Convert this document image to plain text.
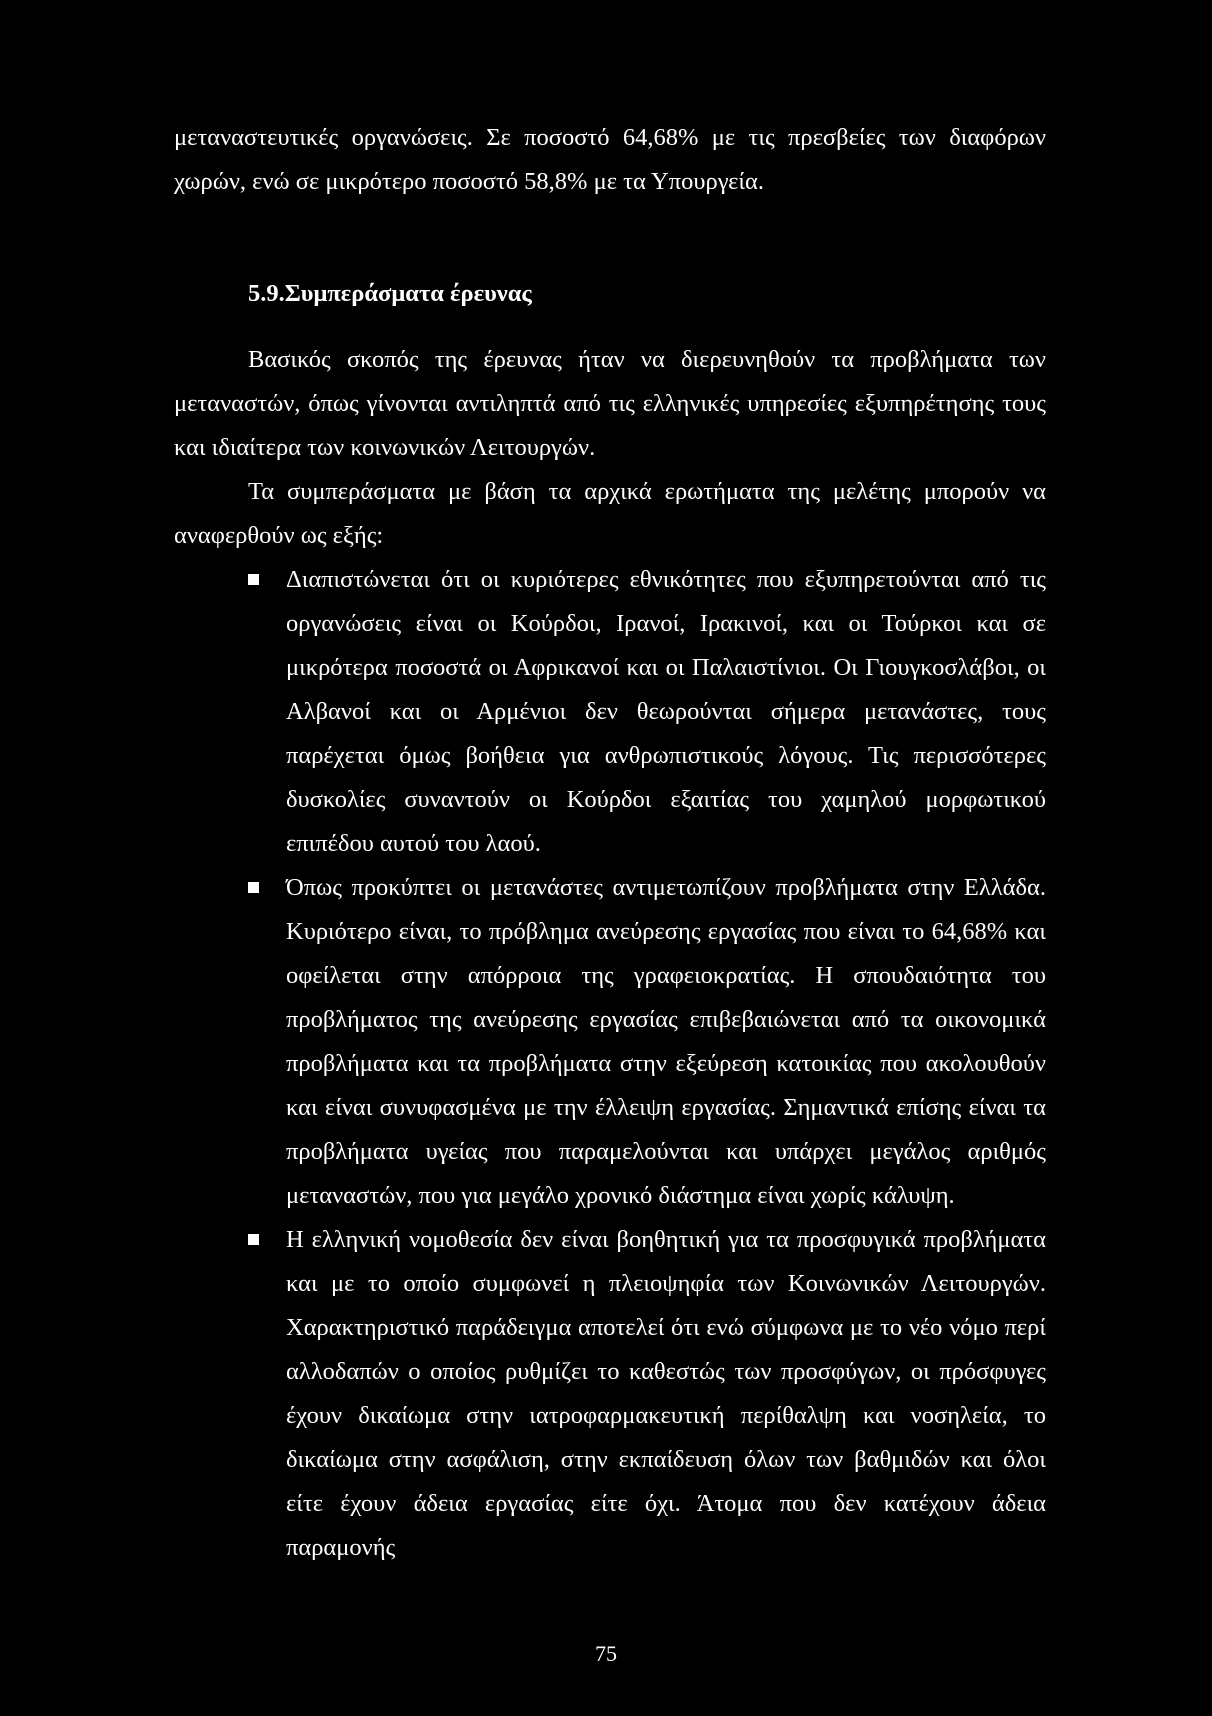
μεταναστευτικές οργανώσεις. Σε ποσοστό 64,68% με τις πρεσβείες των διαφόρων χωρών, ενώ σε μικρότερο ποσοστό 58,8% με τα Υπουργεία.

5.9.Συμπεράσματα έρευνας

Βασικός σκοπός της έρευνας ήταν να διερευνηθούν τα προβλήματα των μεταναστών, όπως γίνονται αντιληπτά από τις ελληνικές υπηρεσίες εξυπηρέτησης τους και ιδιαίτερα των κοινωνικών Λειτουργών.

Τα συμπεράσματα με βάση τα αρχικά ερωτήματα της μελέτης μπορούν να αναφερθούν ως εξής:

Διαπιστώνεται ότι οι κυριότερες εθνικότητες που εξυπηρετούνται από τις οργανώσεις είναι οι Κούρδοι, Ιρανοί, Ιρακινοί, και οι Τούρκοι και σε μικρότερα ποσοστά οι Αφρικανοί και οι Παλαιστίνιοι. Οι Γιουγκοσλάβοι, οι Αλβανοί και οι Αρμένιοι δεν θεωρούνται σήμερα μετανάστες, τους παρέχεται όμως βοήθεια για ανθρωπιστικούς λόγους. Τις περισσότερες δυσκολίες συναντούν οι Κούρδοι εξαιτίας του χαμηλού μορφωτικού επιπέδου αυτού του λαού.
Όπως προκύπτει οι μετανάστες αντιμετωπίζουν προβλήματα στην Ελλάδα. Κυριότερο είναι, το πρόβλημα ανεύρεσης εργασίας που είναι το 64,68% και οφείλεται στην απόρροια της γραφειοκρατίας. Η σπουδαιότητα του προβλήματος της ανεύρεσης εργασίας επιβεβαιώνεται από τα οικονομικά προβλήματα και τα προβλήματα στην εξεύρεση κατοικίας που ακολουθούν και είναι συνυφασμένα με την έλλειψη εργασίας. Σημαντικά επίσης είναι τα προβλήματα υγείας που παραμελούνται και υπάρχει μεγάλος αριθμός μεταναστών, που για μεγάλο χρονικό διάστημα είναι χωρίς κάλυψη.
Η ελληνική νομοθεσία δεν είναι βοηθητική για τα προσφυγικά προβλήματα και με το οποίο συμφωνεί η πλειοψηφία των Κοινωνικών Λειτουργών. Χαρακτηριστικό παράδειγμα αποτελεί ότι ενώ σύμφωνα με το νέο νόμο περί αλλοδαπών ο οποίος ρυθμίζει το καθεστώς των προσφύγων, οι πρόσφυγες έχουν δικαίωμα στην ιατροφαρμακευτική περίθαλψη και νοσηλεία, το δικαίωμα στην ασφάλιση, στην εκπαίδευση όλων των βαθμιδών και όλοι είτε έχουν άδεια εργασίας είτε όχι. Άτομα που δεν κατέχουν άδεια παραμονής
75
